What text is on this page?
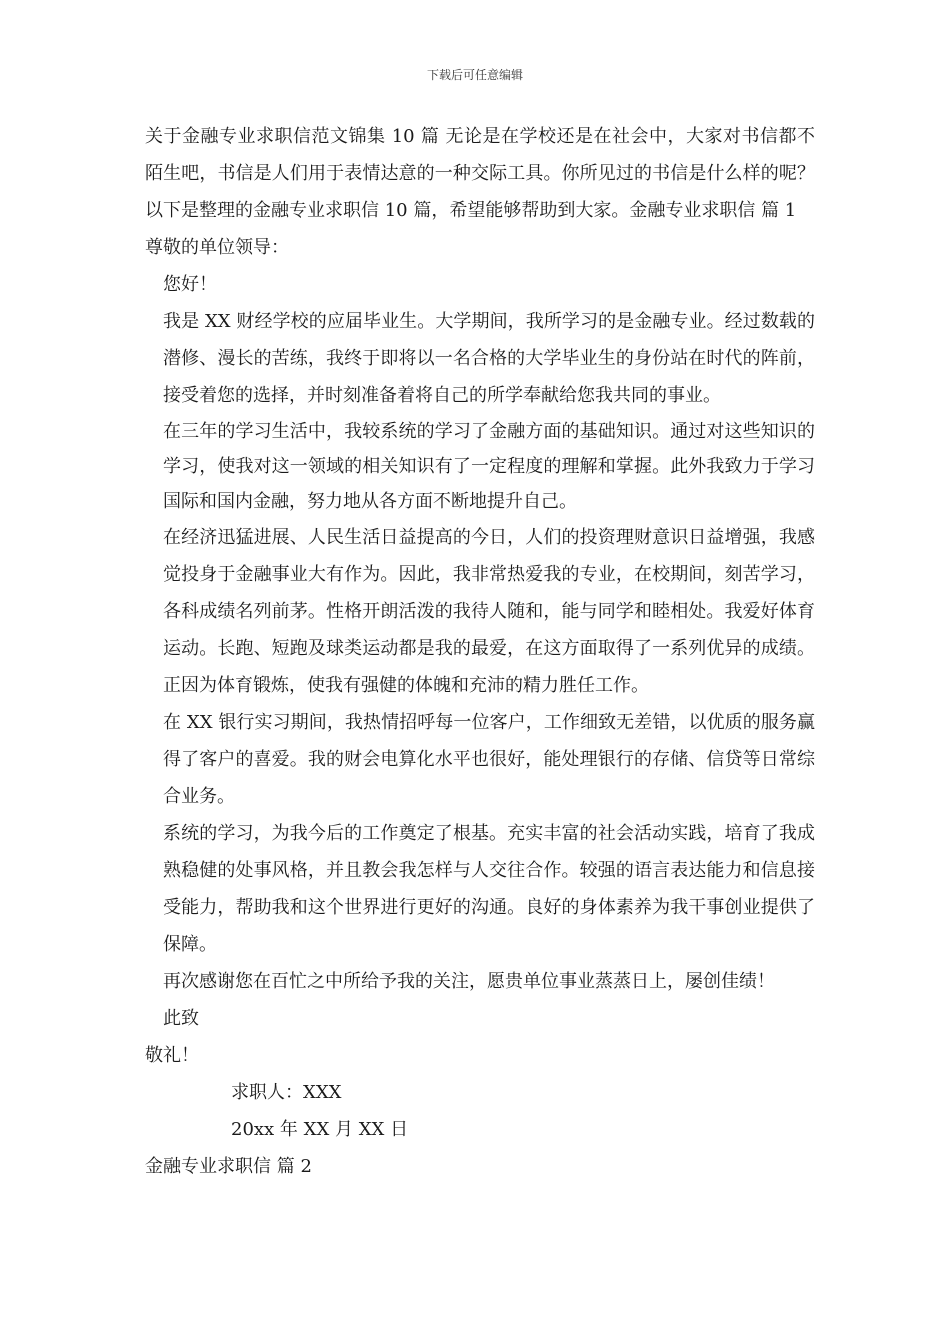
下载后可任意编辑

关于金融专业求职信范文锦集 10 篇 无论是在学校还是在社会中，大家对书信都不陌生吧，书信是人们用于表情达意的一种交际工具。你所见过的书信是什么样的呢？以下是整理的金融专业求职信 10 篇，希望能够帮助到大家。金融专业求职信 篇 1

尊敬的单位领导：

您好！

我是 XX 财经学校的应届毕业生。大学期间，我所学习的是金融专业。经过数载的潜修、漫长的苦练，我终于即将以一名合格的大学毕业生的身份站在时代的阵前，接受着您的选择，并时刻准备着将自己的所学奉献给您我共同的事业。

在三年的学习生活中，我较系统的学习了金融方面的基础知识。通过对这些知识的学习，使我对这一领域的相关知识有了一定程度的理解和掌握。此外我致力于学习国际和国内金融，努力地从各方面不断地提升自己。

在经济迅猛进展、人民生活日益提高的今日，人们的投资理财意识日益增强，我感觉投身于金融事业大有作为。因此，我非常热爱我的专业，在校期间，刻苦学习，各科成绩名列前茅。性格开朗活泼的我待人随和，能与同学和睦相处。我爱好体育运动。长跑、短跑及球类运动都是我的最爱，在这方面取得了一系列优异的成绩。正因为体育锻炼，使我有强健的体魄和充沛的精力胜任工作。

在 XX 银行实习期间，我热情招呼每一位客户，工作细致无差错，以优质的服务赢得了客户的喜爱。我的财会电算化水平也很好，能处理银行的存储、信贷等日常综合业务。

系统的学习，为我今后的工作奠定了根基。充实丰富的社会活动实践，培育了我成熟稳健的处事风格，并且教会我怎样与人交往合作。较强的语言表达能力和信息接受能力，帮助我和这个世界进行更好的沟通。良好的身体素养为我干事创业提供了保障。

再次感谢您在百忙之中所给予我的关注，愿贵单位事业蒸蒸日上，屡创佳绩！

此致

敬礼！

求职人：XXX

20xx 年 XX 月 XX 日

金融专业求职信 篇 2
